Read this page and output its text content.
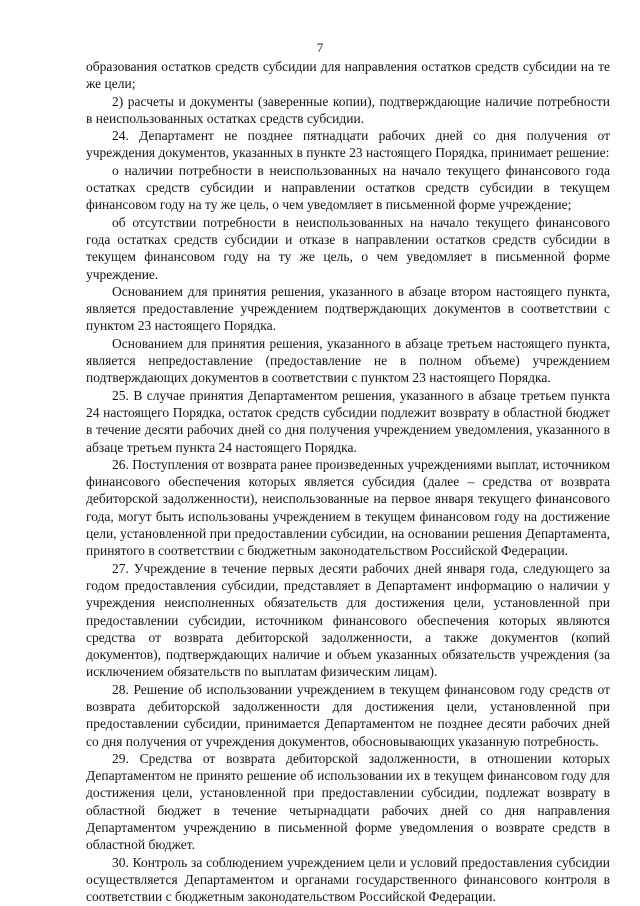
7

образования остатков средств субсидии для направления остатков средств субсидии на те же цели;

2) расчеты и документы (заверенные копии), подтверждающие наличие потребности в неиспользованных остатках средств субсидии.

24. Департамент не позднее пятнадцати рабочих дней со дня получения от учреждения документов, указанных в пункте 23 настоящего Порядка, принимает решение:

о наличии потребности в неиспользованных на начало текущего финансового года остатках средств субсидии и направлении остатков средств субсидии в текущем финансовом году на ту же цель, о чем уведомляет в письменной форме учреждение;

об отсутствии потребности в неиспользованных на начало текущего финансового года остатках средств субсидии и отказе в направлении остатков средств субсидии в текущем финансовом году на ту же цель, о чем уведомляет в письменной форме учреждение.

Основанием для принятия решения, указанного в абзаце втором настоящего пункта, является предоставление учреждением подтверждающих документов в соответствии с пунктом 23 настоящего Порядка.

Основанием для принятия решения, указанного в абзаце третьем настоящего пункта, является непредоставление (предоставление не в полном объеме) учреждением подтверждающих документов в соответствии с пунктом 23 настоящего Порядка.

25. В случае принятия Департаментом решения, указанного в абзаце третьем пункта 24 настоящего Порядка, остаток средств субсидии подлежит возврату в областной бюджет в течение десяти рабочих дней со дня получения учреждением уведомления, указанного в абзаце третьем пункта 24 настоящего Порядка.

26. Поступления от возврата ранее произведенных учреждениями выплат, источником финансового обеспечения которых является субсидия (далее – средства от возврата дебиторской задолженности), неиспользованные на первое января текущего финансового года, могут быть использованы учреждением в текущем финансовом году на достижение цели, установленной при предоставлении субсидии, на основании решения Департамента, принятого в соответствии с бюджетным законодательством Российской Федерации.

27. Учреждение в течение первых десяти рабочих дней января года, следующего за годом предоставления субсидии, представляет в Департамент информацию о наличии у учреждения неисполненных обязательств для достижения цели, установленной при предоставлении субсидии, источником финансового обеспечения которых являются средства от возврата дебиторской задолженности, а также документов (копий документов), подтверждающих наличие и объем указанных обязательств учреждения (за исключением обязательств по выплатам физическим лицам).

28. Решение об использовании учреждением в текущем финансовом году средств от возврата дебиторской задолженности для достижения цели, установленной при предоставлении субсидии, принимается Департаментом не позднее десяти рабочих дней со дня получения от учреждения документов, обосновывающих указанную потребность.

29. Средства от возврата дебиторской задолженности, в отношении которых Департаментом не принято решение об использовании их в текущем финансовом году для достижения цели, установленной при предоставлении субсидии, подлежат возврату в областной бюджет в течение четырнадцати рабочих дней со дня направления Департаментом учреждению в письменной форме уведомления о возврате средств в областной бюджет.

30. Контроль за соблюдением учреждением цели и условий предоставления субсидии осуществляется Департаментом и органами государственного финансового контроля в соответствии с бюджетным законодательством Российской Федерации.
